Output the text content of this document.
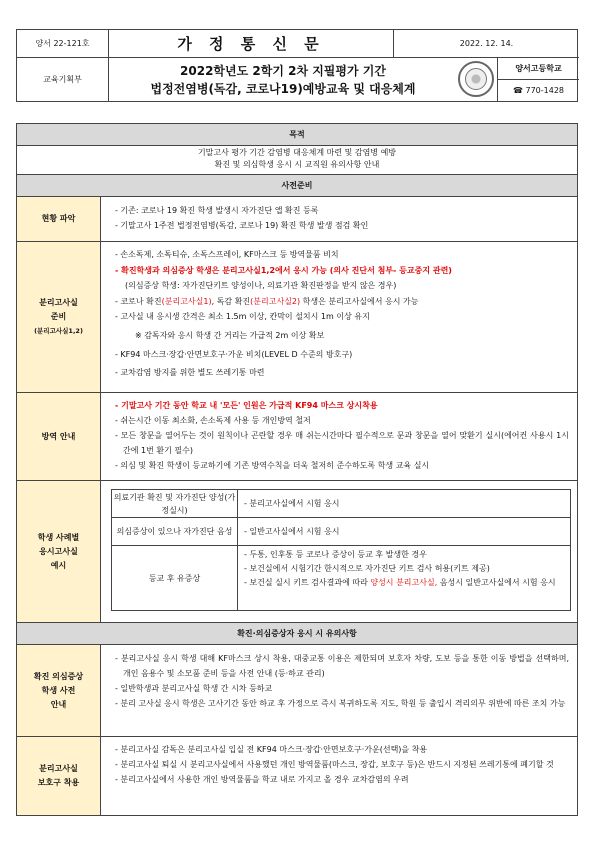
양서 22-121호	가 정 통 신 문	2022. 12. 14.
교육기획부
2022학년도 2학기 2차 지필평가 기간
법정전염병(독감, 코로나19)예방교육 및 대응체계
양서고등학교
☎ 770-1428
목적
기말고사 평가 기간 감염병 대응체계 마련 및 감염병 예방
확진 및 의심학생 응시 시 교직원 유의사항 안내
사전준비
현황 파악

- 기존: 코로나 19 확진 학생 발생시 자가진단 앱 확진 등록

- 기말고사 1주전 법정전염병(독감, 코로나 19) 확진 학생 발생 점검 확인

분리고사실
준비
(분리고사실1,2)

- 손소독제, 소독티슈, 소독스프레이, KF마스크 등 방역물품 비치

- 확진학생과 의심증상 학생은 분리고사실1,2에서 응시 가능 (의사 진단서 첨부- 등교중지 관련)

(의심증상 학생: 자가진단키트 양성이나, 의료기관 확진판정을 받지 않은 경우)

- 코로나 확진(분리고사실1), 독감 확진(분리고사실2) 학생은 분리고사실에서 응시 가능

- 고사실 내 응시생 간격은 최소 1.5m 이상, 칸막이 설치시 1m 이상 유지

※ 감독자와 응시 학생 간 거리는 가급적 2m 이상 확보

- KF94 마스크·장갑·안면보호구·가운 비치(LEVEL D 수준의 방호구)

- 교차감염 방지를 위한 별도 쓰레기통 마련

방역 안내

- 기말고사 기간 동안 학교 내 '모든' 인원은 가급적 KF94 마스크 상시착용

- 쉬는시간 이동 최소화, 손소독제 사용 등 개인방역 철저

- 모든 창문을 열어두는 것이 원칙이나 곤란할 경우 매 쉬는시간마다 필수적으로 문과 창문을 열어 맞환기 실시(에어컨 사용시 1시간에 1번 환기 필수)

- 의심 및 확진 학생이 등교하기에 기존 방역수칙을 더욱 철저히 준수하도록 학생 교육 실시

학생 사례별
응시고사실
예시
의료기관 확진 및 자가진단 양성(가정실시)
- 분리고사실에서 시험 응시
의심증상이 있으나 자가진단 음성	- 일반고사실에서 시험 응시
등교 후 유증상

- 두통, 인후통 등 코로나 증상이 등교 후 발생한 경우

- 보건실에서 시험기간 한시적으로 자가진단 키트 검사 허용(키트 제공)

- 보건실 실시 키트 검사결과에 따라 양성시 분리고사실, 음성시 일반고사실에서 시험 응시

확진·의심증상자 응시 시 유의사항
확진 의심증상
학생 사전
안내

- 분리고사실 응시 학생 대해 KF마스크 상시 착용, 대중교통 이용은 제한되며 보호자 차량, 도보 등을 통한 이동 방법을 선택하며, 개인 음용수 및 소모품 준비 등을 사전 안내 (등·하교 관리)

- 일반학생과 분리고사실 학생 간 시차 등하교

- 분리 고사실 응시 학생은 고사기간 동안 하교 후 가정으로 즉시 복귀하도록 지도, 학원 등 출입시 격리의무 위반에 따른 조치 가능

분리고사실
보호구 착용

- 분리고사실 감독은 분리고사실 입실 전 KF94 마스크·장갑·안면보호구·가운(선택)을 착용

- 분리고사실 퇴실 시 분리고사실에서 사용했던 개인 방역물품(마스크, 장갑, 보호구 등)은 반드시 지정된 쓰레기통에 폐기할 것

- 분리고사실에서 사용한 개인 방역물품을 학교 내로 가지고 올 경우 교차감염의 우려
